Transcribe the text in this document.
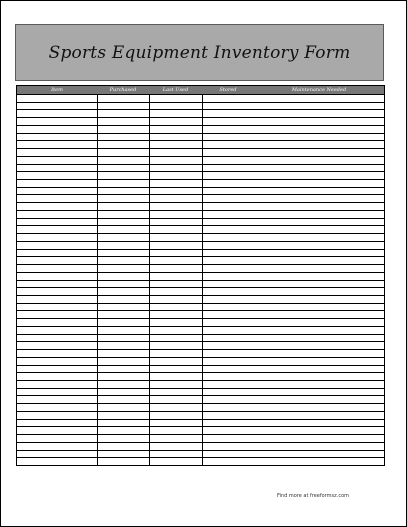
Sports Equipment Inventory Form
Item	Purchased	Last Used	Stored	Maintenance Needed
Find more at freeformsz.com
